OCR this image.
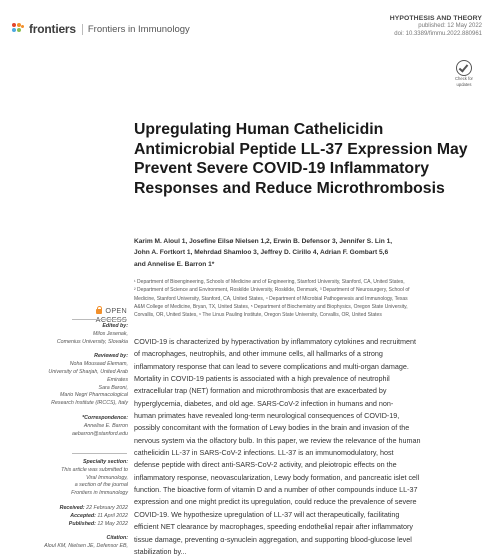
frontiers Frontiers in Immunology
HYPOTHESIS AND THEORY
published: 12 May 2022
doi: 10.3389/fimmu.2022.880961
Check for
updates
Upregulating Human Cathelicidin Antimicrobial Peptide LL-37 Expression May Prevent Severe COVID-19 Inflammatory Responses and Reduce Microthrombosis
Karim M. Aloul 1, Josefine Eilsø Nielsen 1,2, Erwin B. Defensor 3, Jennifer S. Lin 1,
John A. Fortkort 1, Mehrdad Shamloo 3, Jeffrey D. Cirillo 4, Adrian F. Gombart 5,6
and Annelise E. Barron 1*
¹ Department of Bioengineering, Schools of Medicine and of Engineering, Stanford University, Stanford, CA, United States,
² Department of Science and Environment, Roskilde University, Roskilde, Denmark, ³ Department of Neurosurgery, School of
Medicine, Stanford University, Stanford, CA, United States, ⁴ Department of Microbial Pathogenesis and Immunology, Texas
A&M College of Medicine, Bryan, TX, United States, ⁵ Department of Biochemistry and Biophysics, Oregon State University,
Corvallis, OR, United States, ⁶ The Linus Pauling Institute, Oregon State University, Corvallis, OR, United States
OPEN
Edited by:
Milos Jesenak,
Comenius University, Slovakia
Reviewed by:
Noha Mousaad Elemam,
University of Sharjah, United Arab
Emirates
Sara Baroni,
Mario Negri Pharmacological
Research Institute (IRCCS), Italy
*Correspondence:
Annelise E. Barron
aebarron@stanford.edu
Specialty section:
This article was submitted to
Viral Immunology,
a section of the journal
Frontiers in Immunology
Received: 22 February 2022
Accepted: 11 April 2022
Published: 12 May 2022
Citation:
Aloul KM, Nielsen JE, Defensor EB,
COVID-19 is characterized by hyperactivation by inflammatory cytokines and recruitment
of macrophages, neutrophils, and other immune cells, all hallmarks of a strong
inflammatory response that can lead to severe complications and multi-organ damage.
Mortality in COVID-19 patients is associated with a high prevalence of neutrophil
extracellular trap (NET) formation and microthrombosis that are exacerbated by
hyperglycemia, diabetes, and old age. SARS-CoV-2 infection in humans and non-
human primates have revealed long-term neurological consequences of COVID-19,
possibly concomitant with the formation of Lewy bodies in the brain and invasion of the
nervous system via the olfactory bulb. In this paper, we review the relevance of the human
cathelicidin LL-37 in SARS-CoV-2 infections. LL-37 is an immunomodulatory, host
defense peptide with direct anti-SARS-CoV-2 activity, and pleiotropic effects on the
inflammatory response, neovascularization, Lewy body formation, and pancreatic islet cell
function. The bioactive form of vitamin D and a number of other compounds induce LL-37
expression and one might predict its upregulation, could reduce the prevalence of severe
COVID-19. We hypothesize upregulation of LL-37 will act therapeutically, facilitating
efficient NET clearance by macrophages, speeding endothelial repair after inflammatory
tissue damage, preventing α-synuclein aggregation, and supporting blood-glucose level
stabilization by...
